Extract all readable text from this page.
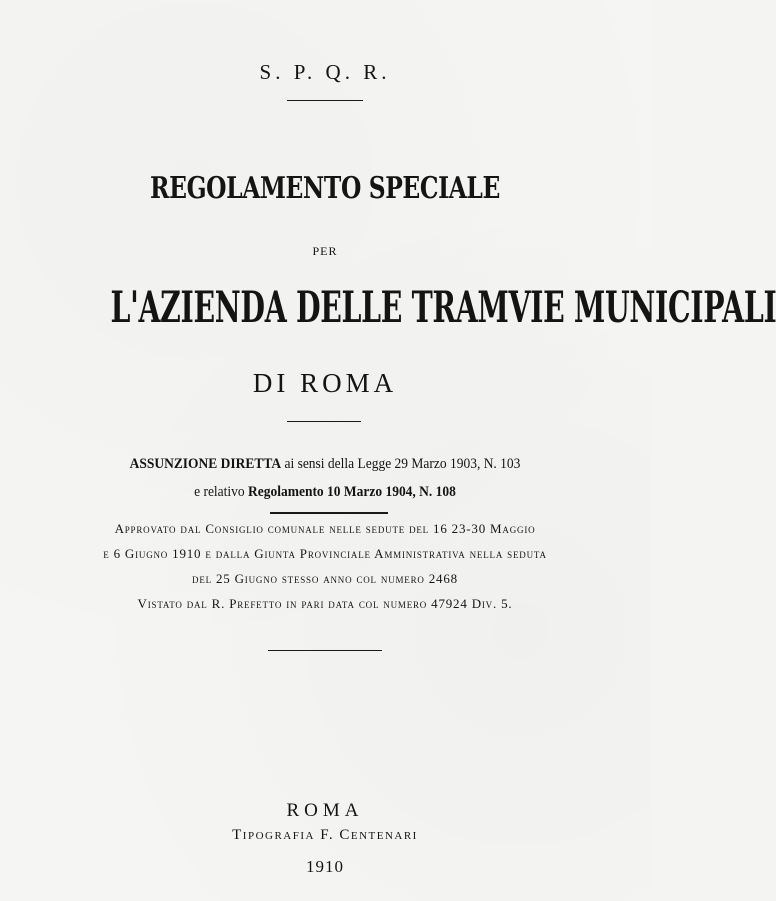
S. P. Q. R.
REGOLAMENTO SPECIALE
PER
L'AZIENDA DELLE TRAMVIE MUNICIPALI
DI ROMA
ASSUNZIONE DIRETTA ai sensi della Legge 29 Marzo 1903, N. 103
e relativo Regolamento 10 Marzo 1904, N. 108
Approvato dal Consiglio comunale nelle sedute del 16 23-30 Maggio
e 6 Giugno 1910 e dalla Giunta Provinciale Amministrativa nella seduta
del 25 Giugno stesso anno col numero 2468
Vistato dal R. Prefetto in pari data col numero 47924 Div. 5.
ROMA
Tipografia F. Centenari
1910
